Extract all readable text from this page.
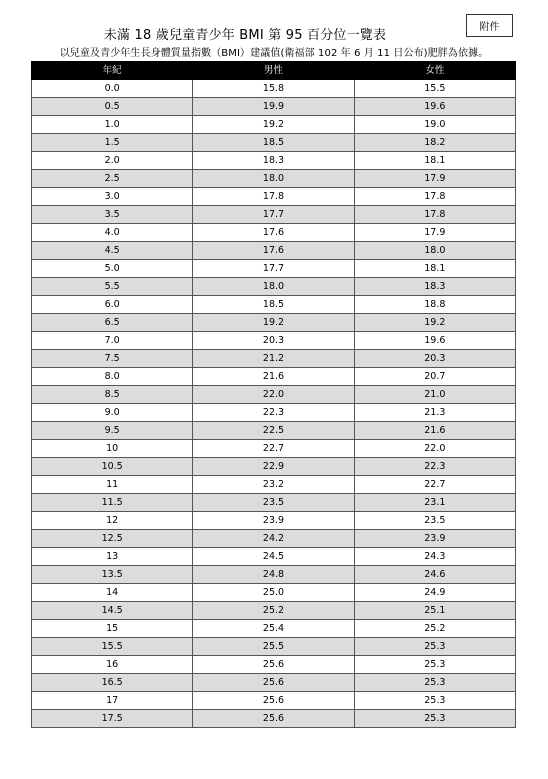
附件
未滿 18 歲兒童青少年 BMI 第 95 百分位一覽表
以兒童及青少年生長身體質量指數（BMI）建議值(衛福部 102 年 6 月 11 日公布)肥胖為依據。
年紀	男性	女性
0.0	15.8	15.5
0.5	19.9	19.6
1.0	19.2	19.0
1.5	18.5	18.2
2.0	18.3	18.1
2.5	18.0	17.9
3.0	17.8	17.8
3.5	17.7	17.8
4.0	17.6	17.9
4.5	17.6	18.0
5.0	17.7	18.1
5.5	18.0	18.3
6.0	18.5	18.8
6.5	19.2	19.2
7.0	20.3	19.6
7.5	21.2	20.3
8.0	21.6	20.7
8.5	22.0	21.0
9.0	22.3	21.3
9.5	22.5	21.6
10	22.7	22.0
10.5	22.9	22.3
11	23.2	22.7
11.5	23.5	23.1
12	23.9	23.5
12.5	24.2	23.9
13	24.5	24.3
13.5	24.8	24.6
14	25.0	24.9
14.5	25.2	25.1
15	25.4	25.2
15.5	25.5	25.3
16	25.6	25.3
16.5	25.6	25.3
17	25.6	25.3
17.5	25.6	25.3
